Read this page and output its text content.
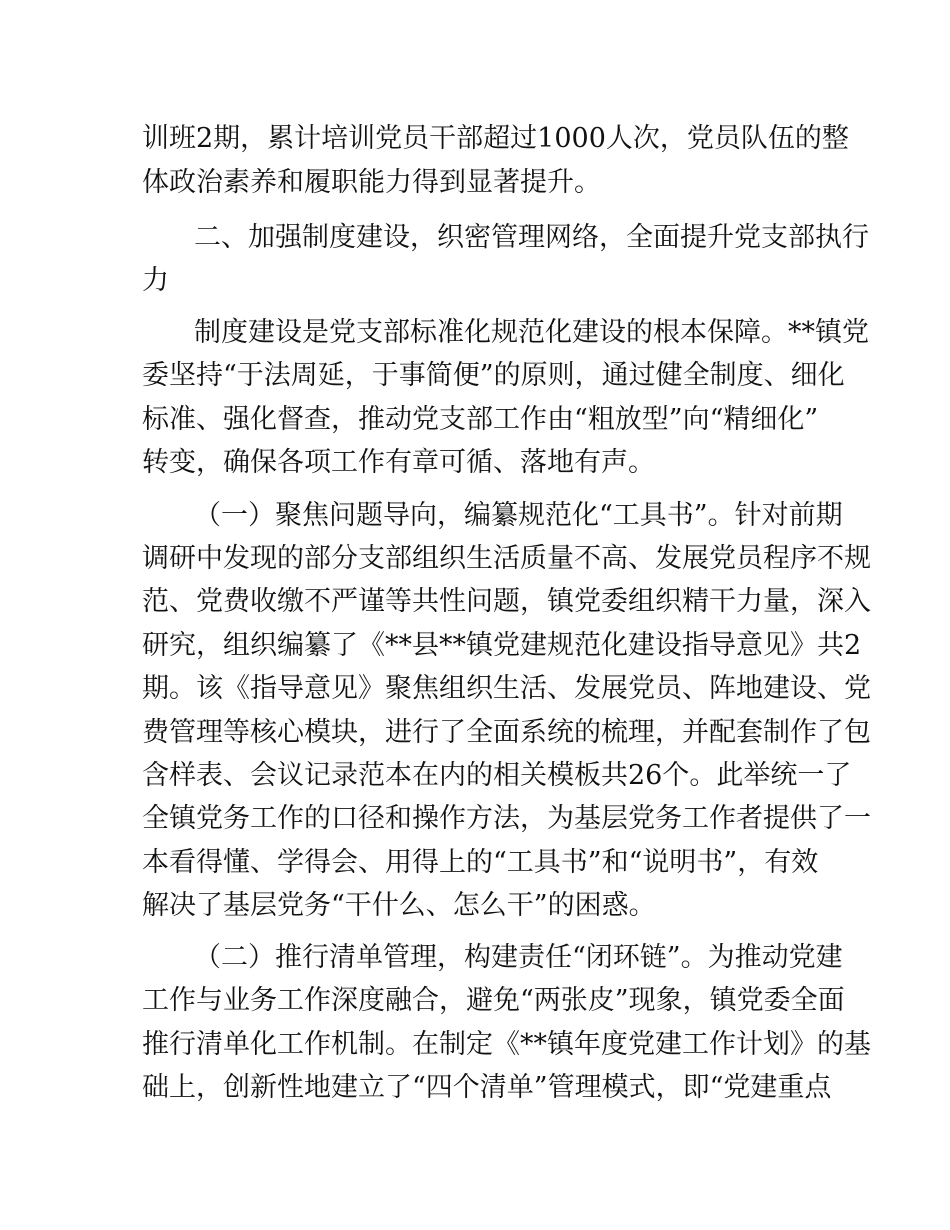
训班2期，累计培训党员干部超过1000人次，党员队伍的整

体政治素养和履职能力得到显著提升。

二、加强制度建设，织密管理网络，全面提升党支部执行

力

制度建设是党支部标准化规范化建设的根本保障。**镇党

委坚持“于法周延，于事简便”的原则，通过健全制度、细化

标准、强化督查，推动党支部工作由“粗放型”向“精细化”

转变，确保各项工作有章可循、落地有声。

（一）聚焦问题导向，编纂规范化“工具书”。针对前期

调研中发现的部分支部组织生活质量不高、发展党员程序不规

范、党费收缴不严谨等共性问题，镇党委组织精干力量，深入

研究，组织编纂了《**县**镇党建规范化建设指导意见》共2

期。该《指导意见》聚焦组织生活、发展党员、阵地建设、党

费管理等核心模块，进行了全面系统的梳理，并配套制作了包

含样表、会议记录范本在内的相关模板共26个。此举统一了

全镇党务工作的口径和操作方法，为基层党务工作者提供了一

本看得懂、学得会、用得上的“工具书”和“说明书”，有效

解决了基层党务“干什么、怎么干”的困惑。

（二）推行清单管理，构建责任“闭环链”。为推动党建

工作与业务工作深度融合，避免“两张皮”现象，镇党委全面

推行清单化工作机制。在制定《**镇年度党建工作计划》的基

础上，创新性地建立了“四个清单”管理模式，即“党建重点
